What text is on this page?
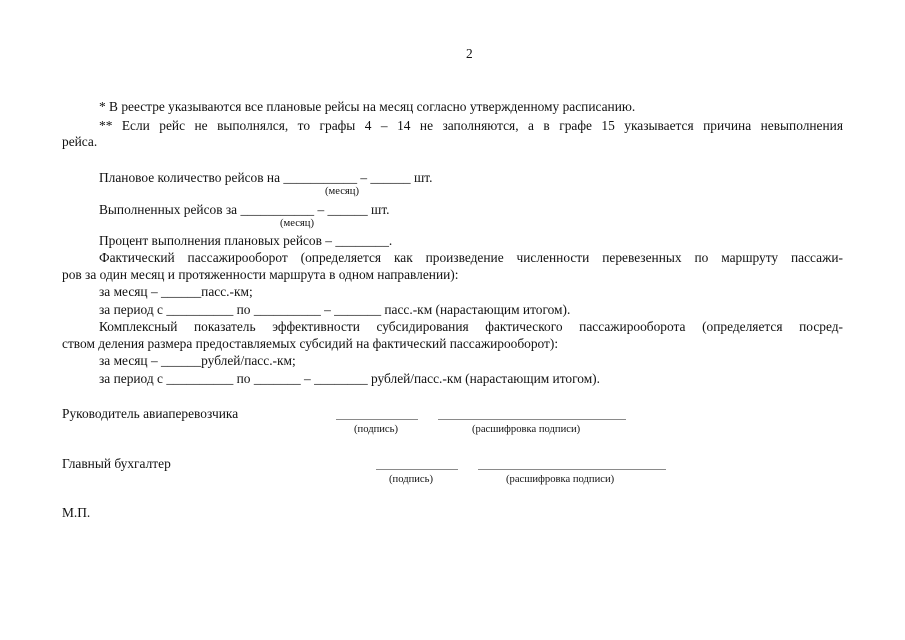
2
* В реестре указываются все плановые рейсы на месяц согласно утвержденному расписанию.
** Если рейс не выполнялся, то графы 4 – 14 не заполняются, а в графе 15 указывается причина невыполнения
рейса.
Плановое количество рейсов на ___________ – ______ шт.
(месяц)
Выполненных рейсов за ___________ – ______ шт.
(месяц)
Процент выполнения плановых рейсов – ________.
Фактический пассажирооборот (определяется как произведение численности перевезенных по маршруту пассажи-
ров за один месяц и протяженности маршрута в одном направлении):
за месяц – ______пасс.-км;
за период с __________ по __________ – _______ пасс.-км (нарастающим итогом).
Комплексный показатель эффективности субсидирования фактического пассажирооборота (определяется посред-
ством деления размера предоставляемых субсидий на фактический пассажирооборот):
за месяц – ______рублей/пасс.-км;
за период с __________ по _______ – ________ рублей/пасс.-км (нарастающим итогом).
Руководитель авиаперевозчика
(подпись)	(расшифровка подписи)
Главный бухгалтер
(подпись)	(расшифровка подписи)
М.П.
